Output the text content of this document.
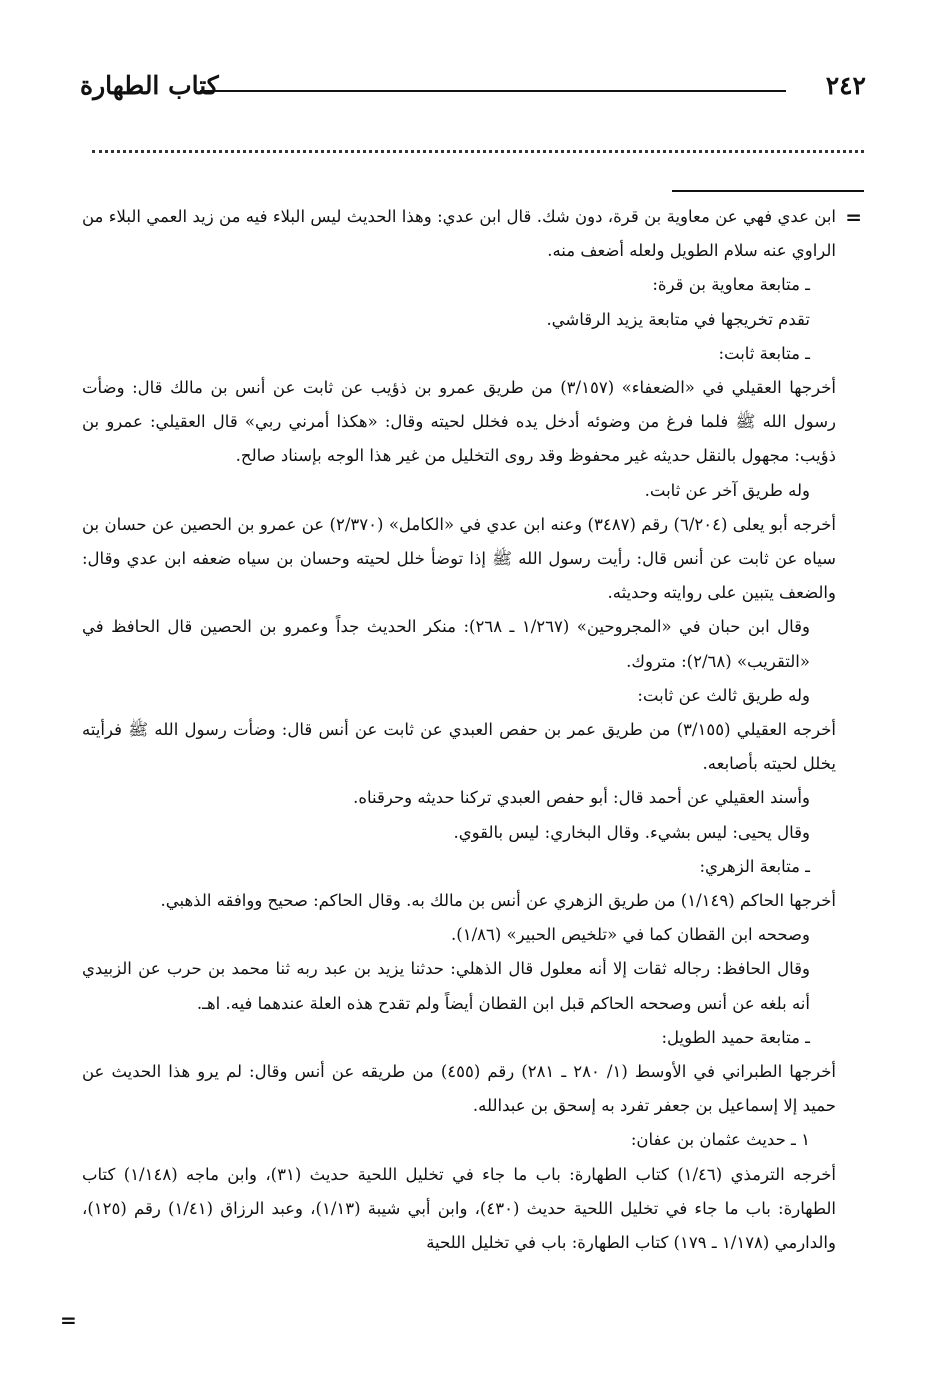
٢٤٢
كتاب الطهارة
=
=

ابن عدي فهي عن معاوية بن قرة، دون شك. قال ابن عدي: وهذا الحديث ليس البلاء فيه من زيد العمي البلاء من الراوي عنه سلام الطويل ولعله أضعف منه.

ـ متابعة معاوية بن قرة:

تقدم تخريجها في متابعة يزيد الرقاشي.

ـ متابعة ثابت:

أخرجها العقيلي في «الضعفاء» (٣/١٥٧) من طريق عمرو بن ذؤيب عن ثابت عن أنس بن مالك قال: وضأت رسول الله ﷺ فلما فرغ من وضوئه أدخل يده فخلل لحيته وقال: «هكذا أمرني ربي» قال العقيلي: عمرو بن ذؤيب: مجهول بالنقل حديثه غير محفوظ وقد روى التخليل من غير هذا الوجه بإسناد صالح.

وله طريق آخر عن ثابت.

أخرجه أبو يعلى (٦/٢٠٤) رقم (٣٤٨٧) وعنه ابن عدي في «الكامل» (٢/٣٧٠) عن عمرو بن الحصين عن حسان بن سياه عن ثابت عن أنس قال: رأيت رسول الله ﷺ إذا توضأ خلل لحيته وحسان بن سياه ضعفه ابن عدي وقال: والضعف يتبين على روايته وحديثه.

وقال ابن حبان في «المجروحين» (١/٢٦٧ ـ ٢٦٨): منكر الحديث جداً وعمرو بن الحصين قال الحافظ في «التقريب» (٢/٦٨): متروك.

وله طريق ثالث عن ثابت:

أخرجه العقيلي (٣/١٥٥) من طريق عمر بن حفص العبدي عن ثابت عن أنس قال: وضأت رسول الله ﷺ فرأيته يخلل لحيته بأصابعه.

وأسند العقيلي عن أحمد قال: أبو حفص العبدي تركنا حديثه وحرقناه.

وقال يحيى: ليس بشيء. وقال البخاري: ليس بالقوي.

ـ متابعة الزهري:

أخرجها الحاكم (١/١٤٩) من طريق الزهري عن أنس بن مالك به. وقال الحاكم: صحيح ووافقه الذهبي.

وصححه ابن القطان كما في «تلخيص الحبير» (١/٨٦).

وقال الحافظ: رجاله ثقات إلا أنه معلول قال الذهلي: حدثنا يزيد بن عبد ربه ثنا محمد بن حرب عن الزبيدي أنه بلغه عن أنس وصححه الحاكم قبل ابن القطان أيضاً ولم تقدح هذه العلة عندهما فيه. اهـ.

ـ متابعة حميد الطويل:

أخرجها الطبراني في الأوسط (١/ ٢٨٠ ـ ٢٨١) رقم (٤٥٥) من طريقه عن أنس وقال: لم يرو هذا الحديث عن حميد إلا إسماعيل بن جعفر تفرد به إسحق بن عبدالله.

١ ـ حديث عثمان بن عفان:

أخرجه الترمذي (١/٤٦) كتاب الطهارة: باب ما جاء في تخليل اللحية حديث (٣١)، وابن ماجه (١/١٤٨) كتاب الطهارة: باب ما جاء في تخليل اللحية حديث (٤٣٠)، وابن أبي شيبة (١/١٣)، وعبد الرزاق (١/٤١) رقم (١٢٥)، والدارمي (١/١٧٨ ـ ١٧٩) كتاب الطهارة: باب في تخليل اللحية
